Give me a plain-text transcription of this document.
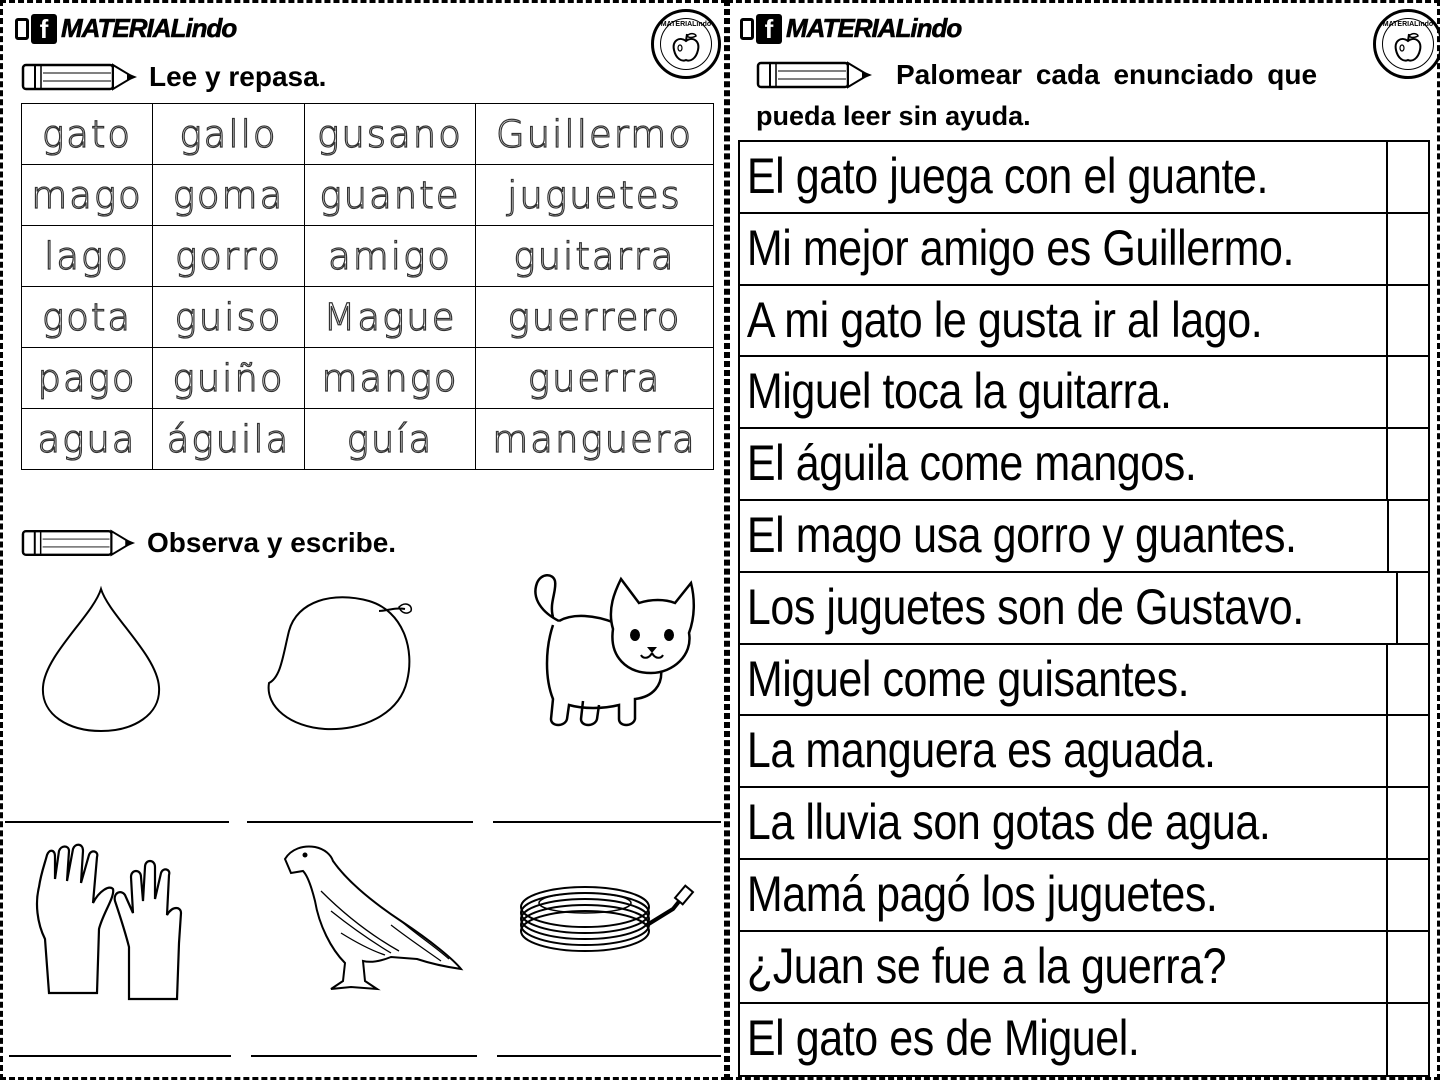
f MATERIALindo	MATERIALindo
Lee y repasa.
gato	gallo	gusano	Guillermo
mago	goma	guante	juguetes
lago	gorro	amigo	guitarra
gota	guiso	Mague	guerrero
pago	guiño	mango	guerra
agua	águila	guía	manguera
Observa y escribe.
f MATERIALindo	MATERIALindo
Palomear cada enunciado que
pueda leer sin ayuda.
El gato juega con el guante.
Mi mejor amigo es Guillermo.
A mi gato le gusta ir al lago.
Miguel toca la guitarra.
El águila come mangos.
El mago usa gorro y guantes.
Los juguetes son de Gustavo.
Miguel come guisantes.
La manguera es aguada.
La lluvia son gotas de agua.
Mamá pagó los juguetes.
¿Juan se fue a la guerra?
El gato es de Miguel.
